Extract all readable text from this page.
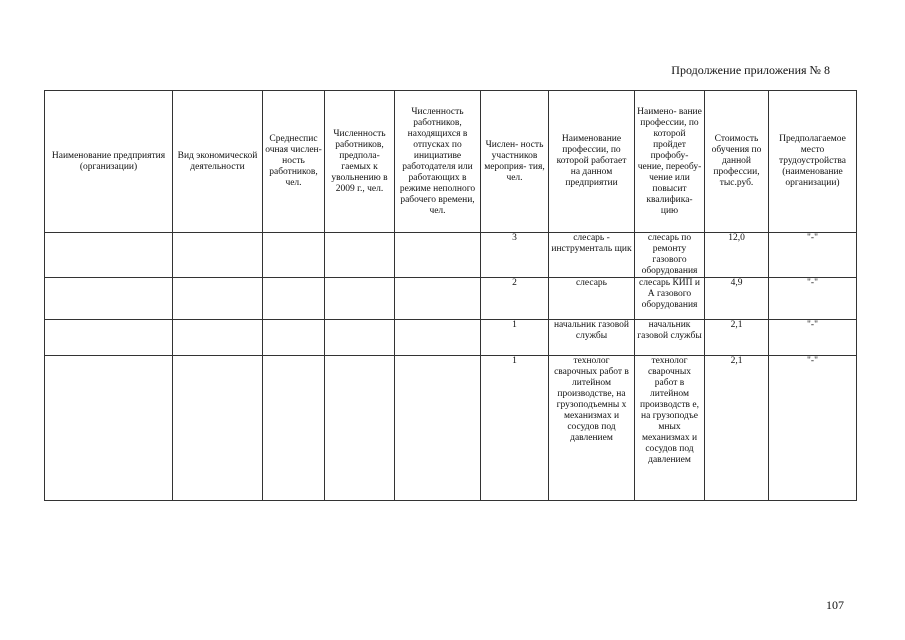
Продолжение приложения № 8
Наименование предприятия (организации)	Вид экономической деятельности	Среднеспис очная числен- ность работников, чел.	Численность работников, предпола- гаемых к увольнению в 2009 г., чел.	Численность работников, находящихся в отпусках по инициативе работодателя или работающих в режиме неполного рабочего времени, чел.	Числен- ность участников мероприя- тия, чел.	Наименование профессии, по которой работает на данном предприятии	Наимено- вание профессии, по которой пройдет профобу- чение, переобу- чение или повысит квалифика- цию	Стоимость обучения по данной профессии, тыс.руб.	Предполагаемое место трудоустройства (наименование организации)
					3	слесарь - инструменталь щик	слесарь по ремонту газового оборудования	12,0	"-"
					2	слесарь	слесарь КИП и А газового оборудования	4,9	"-"
					1	начальник газовой службы	начальник газовой службы	2,1	"-"
					1	технолог сварочных работ в литейном производстве, на грузоподъемны х механизмах и сосудов под давлением	технолог сварочных работ в литейном производств е, на грузоподъе мных механизмах и сосудов под давлением	2,1	"-"
107
